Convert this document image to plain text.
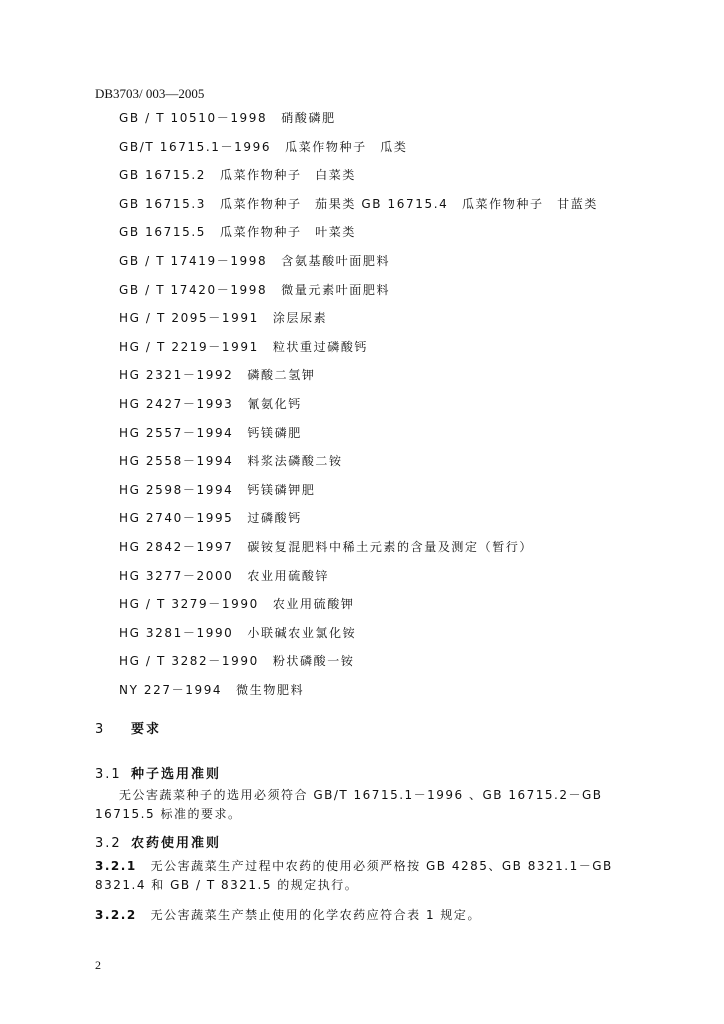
DB3703/ 003—2005
GB / T 10510－1998 硝酸磷肥
GB/T 16715.1－1996 瓜菜作物种子　瓜类
GB 16715.2 瓜菜作物种子　白菜类
GB 16715.3 瓜菜作物种子　茄果类 GB 16715.4　瓜菜作物种子　甘蓝类
GB 16715.5 瓜菜作物种子　叶菜类
GB / T 17419－1998 含氨基酸叶面肥料
GB / T 17420－1998 微量元素叶面肥料
HG / T 2095－1991 涂层尿素
HG / T 2219－1991 粒状重过磷酸钙
HG 2321－1992 磷酸二氢钾
HG 2427－1993 氰氨化钙
HG 2557－1994 钙镁磷肥
HG 2558－1994 料浆法磷酸二铵
HG 2598－1994 钙镁磷钾肥
HG 2740－1995 过磷酸钙
HG 2842－1997 碳铵复混肥料中稀土元素的含量及测定（暂行）
HG 3277－2000 农业用硫酸锌
HG / T 3279－1990 农业用硫酸钾
HG 3281－1990 小联碱农业氯化铵
HG / T 3282－1990 粉状磷酸一铵
NY 227－1994 微生物肥料
3 要求
3.1 种子选用准则
无公害蔬菜种子的选用必须符合 GB/T 16715.1－1996 、GB 16715.2－GB 16715.5 标准的要求。
3.2 农药使用准则
3.2.1 无公害蔬菜生产过程中农药的使用必须严格按 GB 4285、GB 8321.1－GB 8321.4 和 GB / T 8321.5 的规定执行。
3.2.2 无公害蔬菜生产禁止使用的化学农药应符合表 1 规定。
2
